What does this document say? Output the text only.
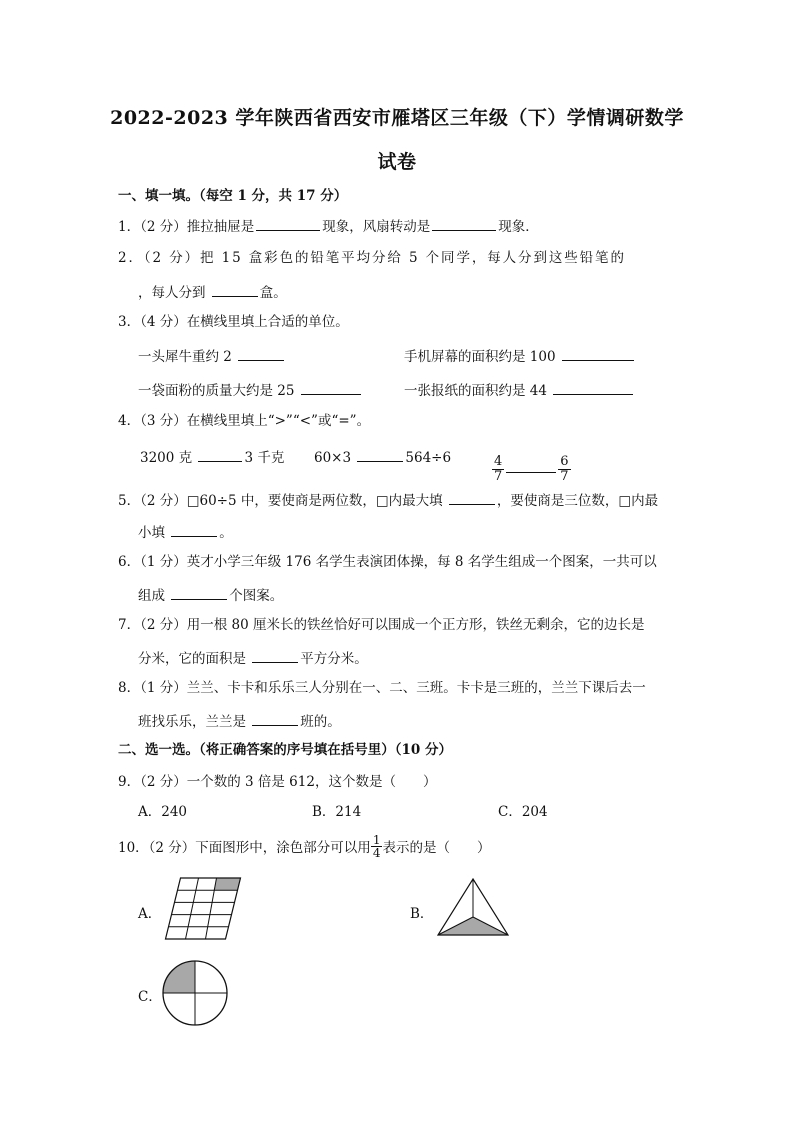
2022-2023 学年陕西省西安市雁塔区三年级（下）学情调研数学
试卷
一、填一填。（每空 1 分，共 17 分）
1．（2 分）推拉抽屉是	现象，风扇转动是	现象．
2．（2 分）把 15 盒彩色的铅笔平均分给 5 个同学，每人分到这些铅笔的
，每人分到	盒。
3．（4 分）在横线里填上合适的单位。
一头犀牛重约 2	手机屏幕的面积约是 100
一袋面粉的质量大约是 25	一张报纸的面积约是 44
4．（3 分）在横线里填上“>”“<”或“=”。
3200 克	3 千克 60×3	564÷6	$\frac{4}{7}$	$\frac{6}{7}$
5．（2 分）□60÷5 中，要使商是两位数，□内最大填	，要使商是三位数，□内最
小填	。
6．（1 分）英才小学三年级 176 名学生表演团体操，每 8 名学生组成一个图案，一共可以
组成	个图案。
7．（2 分）用一根 80 厘米长的铁丝恰好可以围成一个正方形，铁丝无剩余，它的边长是
分米，它的面积是	平方分米。
8．（1 分）兰兰、卡卡和乐乐三人分别在一、二、三班。卡卡是三班的，兰兰下课后去一
班找乐乐，兰兰是	班的。
二、选一选。（将正确答案的序号填在括号里）（10 分）
9．（2 分）一个数的 3 倍是 612，这个数是（　　）
A．240	B．214	C．204
10．（2 分）下面图形中，涂色部分可以用 $\frac{1}{4}$ 表示的是（　　）
A．	B．
C．
